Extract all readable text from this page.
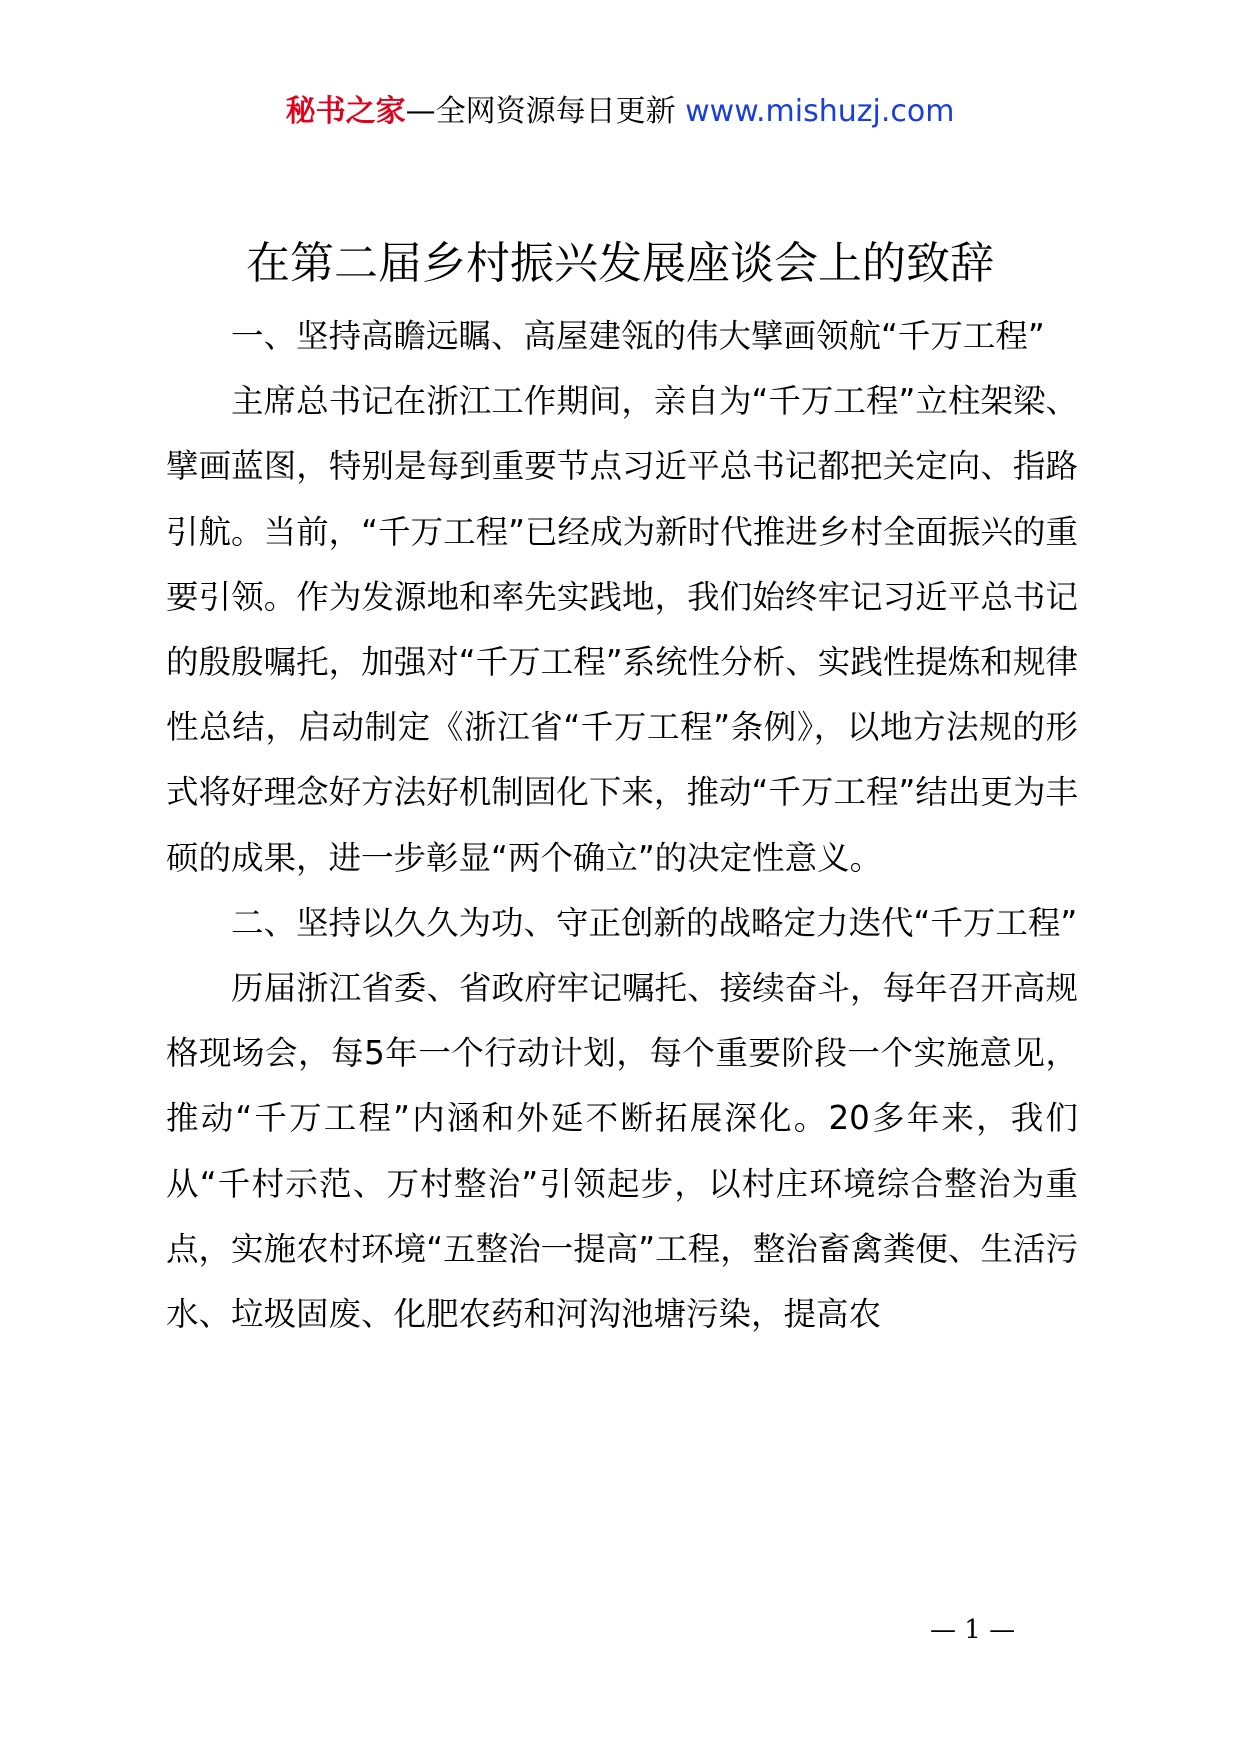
秘书之家—全网资源每日更新 www.mishuzj.com
在第二届乡村振兴发展座谈会上的致辞

一、坚持高瞻远瞩、高屋建瓴的伟大擘画领航“千万工程”

主席总书记在浙江工作期间，亲自为“千万工程”立柱架梁、擘画蓝图，特别是每到重要节点习近平总书记都把关定向、指路引航。当前，“千万工程”已经成为新时代推进乡村全面振兴的重要引领。作为发源地和率先实践地，我们始终牢记习近平总书记的殷殷嘱托，加强对“千万工程”系统性分析、实践性提炼和规律性总结，启动制定《浙江省“千万工程”条例》，以地方法规的形式将好理念好方法好机制固化下来，推动“千万工程”结出更为丰硕的成果，进一步彰显“两个确立”的决定性意义。

二、坚持以久久为功、守正创新的战略定力迭代“千万工程”

历届浙江省委、省政府牢记嘱托、接续奋斗，每年召开高规格现场会，每5年一个行动计划，每个重要阶段一个实施意见，推动“千万工程”内涵和外延不断拓展深化。20多年来，我们从“千村示范、万村整治”引领起步，以村庄环境综合整治为重点，实施农村环境“五整治一提高”工程，整治畜禽粪便、生活污水、垃圾固废、化肥农药和河沟池塘污染，提高农

— 1 —
